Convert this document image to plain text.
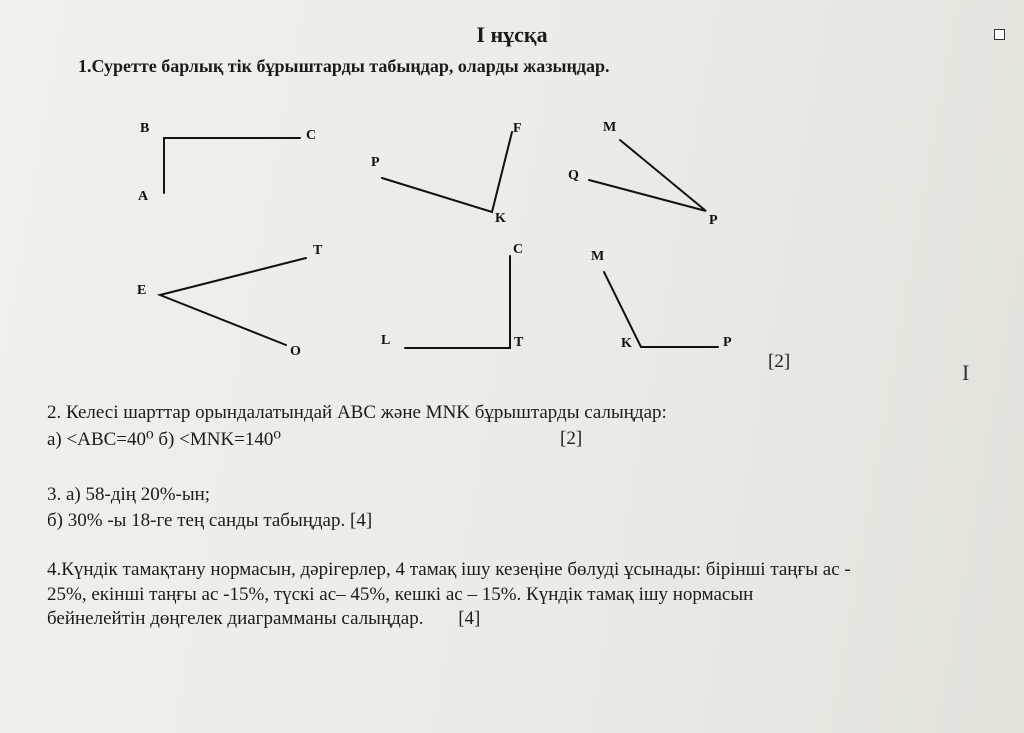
І нұсқа
1.Суретте барлық тік бұрыштарды табыңдар, оларды жазыңдар.
B	C
A
F
P
K
M
Q
P
T
E
O
C
L	T
M
K	P
[2]	I
2. Келесі шарттар орындалатындай ABC және MNK бұрыштарды салыңдар:
а) <ABC=40⁰ б) <MNK=140⁰	[2]
3. а) 58-дің 20%-ын;
б) 30% -ы 18-ге тең санды табыңдар. [4]
4.Күндік тамақтану нормасын, дәрігерлер, 4 тамақ ішу кезеңіне бөлуді ұсынады: бірінші таңғы ас -
25%, екінші таңғы ас -15%, түскі ас– 45%, кешкі ас – 15%. Күндік тамақ ішу нормасын
бейнелейтін дөңгелек диаграмманы салыңдар. [4]
